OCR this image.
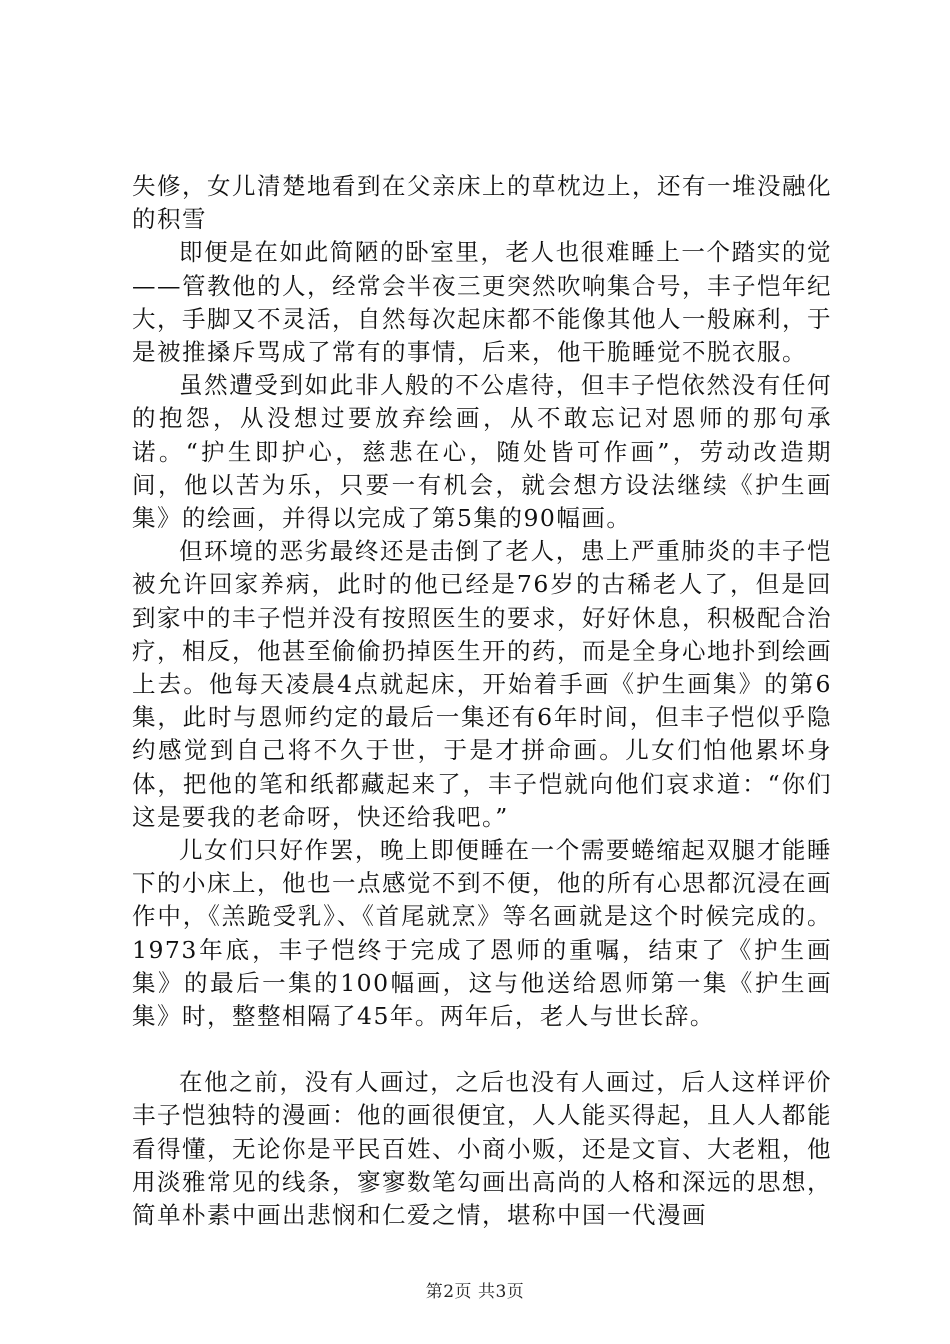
失修，女儿清楚地看到在父亲床上的草枕边上，还有一堆没融化的积雪

即便是在如此简陋的卧室里，老人也很难睡上一个踏实的觉——管教他的人，经常会半夜三更突然吹响集合号，丰子恺年纪大，手脚又不灵活，自然每次起床都不能像其他人一般麻利，于是被推搡斥骂成了常有的事情，后来，他干脆睡觉不脱衣服。

虽然遭受到如此非人般的不公虐待，但丰子恺依然没有任何的抱怨，从没想过要放弃绘画，从不敢忘记对恩师的那句承诺。“护生即护心，慈悲在心，随处皆可作画”，劳动改造期间，他以苦为乐，只要一有机会，就会想方设法继续《护生画集》的绘画，并得以完成了第5集的90幅画。

但环境的恶劣最终还是击倒了老人，患上严重肺炎的丰子恺被允许回家养病，此时的他已经是76岁的古稀老人了，但是回到家中的丰子恺并没有按照医生的要求，好好休息，积极配合治疗，相反，他甚至偷偷扔掉医生开的药，而是全身心地扑到绘画上去。他每天凌晨4点就起床，开始着手画《护生画集》的第6集，此时与恩师约定的最后一集还有6年时间，但丰子恺似乎隐约感觉到自己将不久于世，于是才拼命画。儿女们怕他累坏身体，把他的笔和纸都藏起来了，丰子恺就向他们哀求道：“你们这是要我的老命呀，快还给我吧。”

儿女们只好作罢，晚上即便睡在一个需要蜷缩起双腿才能睡下的小床上，他也一点感觉不到不便，他的所有心思都沉浸在画作中，《羔跪受乳》、《首尾就烹》等名画就是这个时候完成的。1973年底，丰子恺终于完成了恩师的重嘱，结束了《护生画集》的最后一集的100幅画，这与他送给恩师第一集《护生画集》时，整整相隔了45年。两年后，老人与世长辞。

在他之前，没有人画过，之后也没有人画过，后人这样评价丰子恺独特的漫画：他的画很便宜，人人能买得起，且人人都能看得懂，无论你是平民百姓、小商小贩，还是文盲、大老粗，他用淡雅常见的线条，寥寥数笔勾画出高尚的人格和深远的思想，简单朴素中画出悲悯和仁爱之情，堪称中国一代漫画

第2页 共3页
